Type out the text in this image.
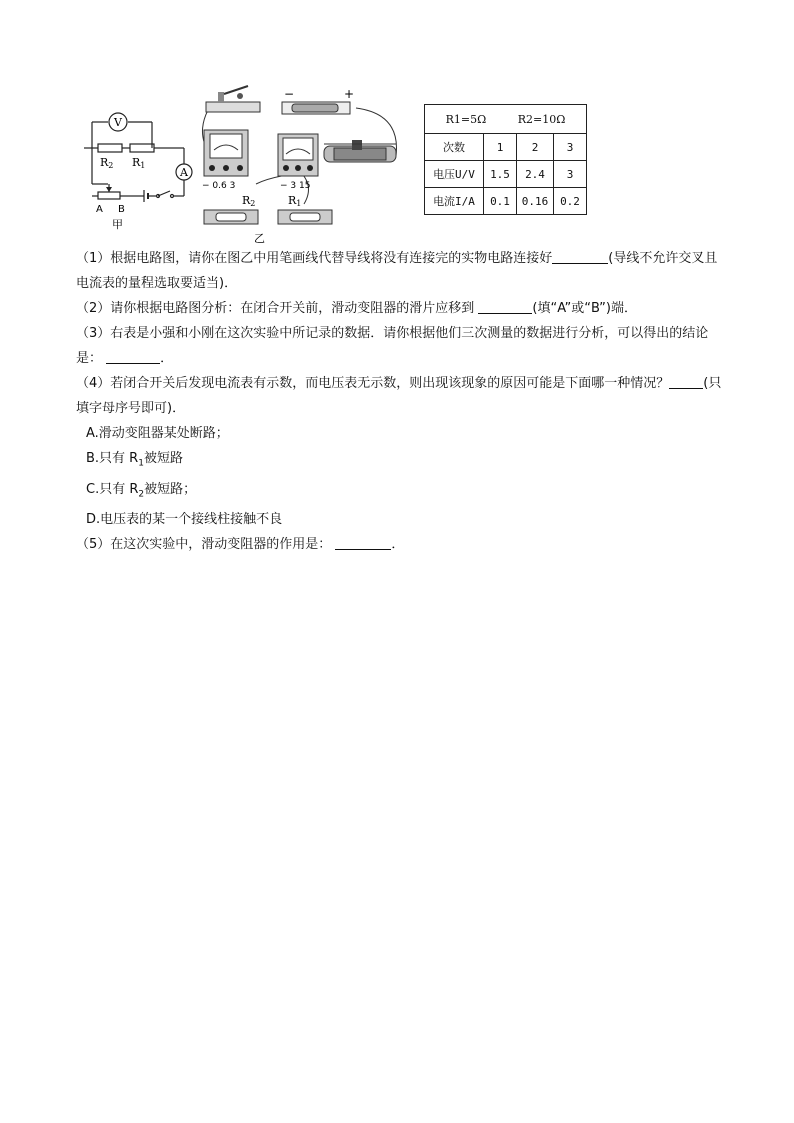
V
A
R2 R1
A B
甲
−	+
− 0.6 3	− 3 15
R2	R1
乙
R1=5Ω R2=10Ω			
次数	1	2	3
电压U/V	1.5	2.4	3
电流I/A	0.1	0.16	0.2

（1）根据电路图，请你在图乙中用笔画线代替导线将没有连接完的实物电路连接好	(导线不允许交叉且电流表的量程选取要适当)．

（2）请你根据电路图分析：在闭合开关前，滑动变阻器的滑片应移到	(填“A”或“B”)端．

（3）右表是小强和小刚在这次实验中所记录的数据．请你根据他们三次测量的数据进行分析，可以得出的结论是：	．

（4）若闭合开关后发现电流表有示数，而电压表无示数，则出现该现象的原因可能是下面哪一种情况？	(只填字母序号即可)．

A.滑动变阻器某处断路；
B.只有 $R_1$被短路
C.只有 $R_2$被短路；
D.电压表的某一个接线柱接触不良

（5）在这次实验中，滑动变阻器的作用是：	．
